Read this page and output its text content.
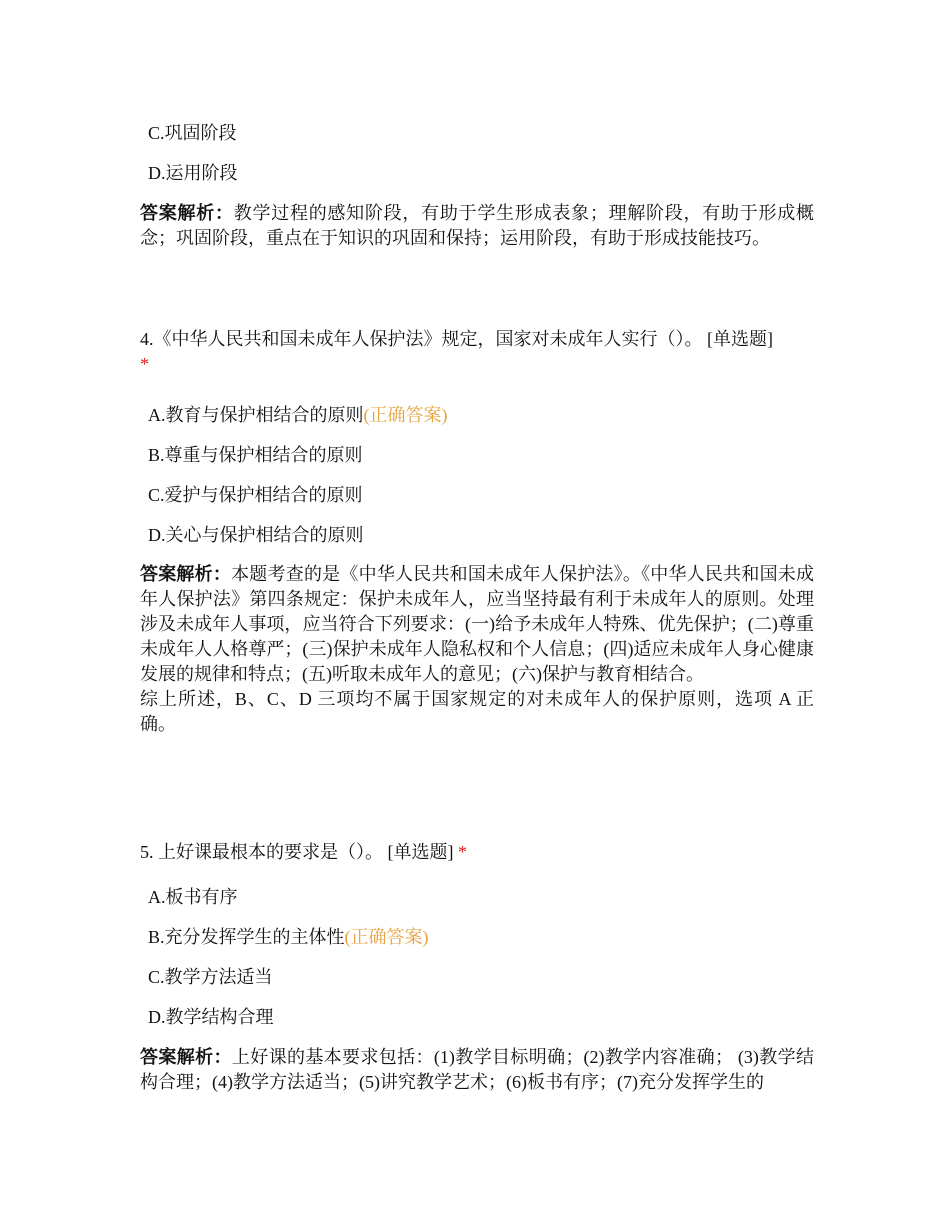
C.巩固阶段
D.运用阶段
答案解析：教学过程的感知阶段，有助于学生形成表象；理解阶段，有助于形成概念；巩固阶段，重点在于知识的巩固和保持；运用阶段，有助于形成技能技巧。
4.《中华人民共和国未成年人保护法》规定，国家对未成年人实行（）。 [单选题]
*
A.教育与保护相结合的原则(正确答案)
B.尊重与保护相结合的原则
C.爱护与保护相结合的原则
D.关心与保护相结合的原则
答案解析：本题考查的是《中华人民共和国未成年人保护法》。《中华人民共和国未成年人保护法》第四条规定：保护未成年人，应当坚持最有利于未成年人的原则。处理涉及未成年人事项，应当符合下列要求：(一)给予未成年人特殊、优先保护；(二)尊重未成年人人格尊严；(三)保护未成年人隐私权和个人信息；(四)适应未成年人身心健康发展的规律和特点；(五)听取未成年人的意见；(六)保护与教育相结合。
综上所述，B、C、D 三项均不属于国家规定的对未成年人的保护原则，选项 A 正确。
5. 上好课最根本的要求是（）。 [单选题] *
A.板书有序
B.充分发挥学生的主体性(正确答案)
C.教学方法适当
D.教学结构合理
答案解析：上好课的基本要求包括：(1)教学目标明确；(2)教学内容准确； (3)教学结构合理；(4)教学方法适当；(5)讲究教学艺术；(6)板书有序；(7)充分发挥学生的
